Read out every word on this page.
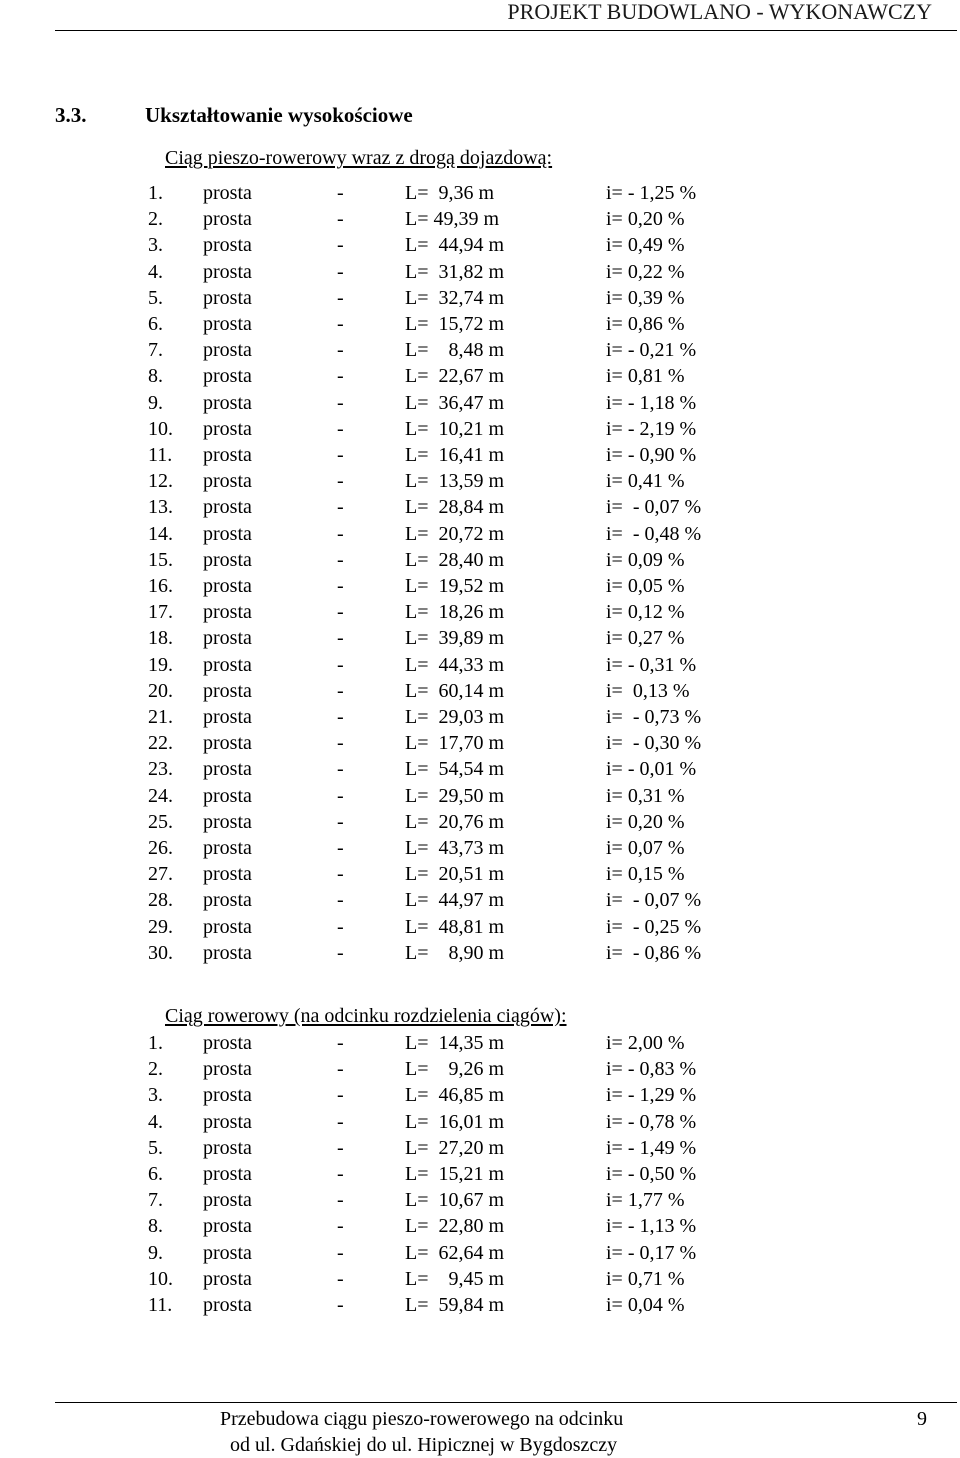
PROJEKT BUDOWLANO - WYKONAWCZY
3.3.	Ukształtowanie wysokościowe
Ciąg pieszo-rowerowy wraz z drogą dojazdową:
1. prosta	-	L=  9,36 m	i= - 1,25 %
2. prosta	-	L= 49,39 m	i= 0,20 %
3. prosta	-	L=  44,94 m	i= 0,49 %
4. prosta	-	L=  31,82 m	i= 0,22 %
5. prosta	-	L=  32,74 m	i= 0,39 %
6. prosta	-	L=  15,72 m	i= 0,86 %
7. prosta	-	L=    8,48 m	i= - 0,21 %
8. prosta	-	L=  22,67 m	i= 0,81 %
9. prosta	-	L=  36,47 m	i= - 1,18 %
10. prosta	-	L=  10,21 m	i= - 2,19 %
11. prosta	-	L=  16,41 m	i= - 0,90 %
12. prosta	-	L=  13,59 m	i= 0,41 %
13. prosta	-	L=  28,84 m	i=  - 0,07 %
14. prosta	-	L=  20,72 m	i=  - 0,48 %
15. prosta	-	L=  28,40 m	i= 0,09 %
16. prosta	-	L=  19,52 m	i= 0,05 %
17. prosta	-	L=  18,26 m	i= 0,12 %
18. prosta	-	L=  39,89 m	i= 0,27 %
19. prosta	-	L=  44,33 m	i= - 0,31 %
20. prosta	-	L=  60,14 m	i=  0,13 %
21. prosta	-	L=  29,03 m	i=  - 0,73 %
22. prosta	-	L=  17,70 m	i=  - 0,30 %
23. prosta	-	L=  54,54 m	i= - 0,01 %
24. prosta	-	L=  29,50 m	i= 0,31 %
25. prosta	-	L=  20,76 m	i= 0,20 %
26. prosta	-	L=  43,73 m	i= 0,07 %
27. prosta	-	L=  20,51 m	i= 0,15 %
28. prosta	-	L=  44,97 m	i=  - 0,07 %
29. prosta	-	L=  48,81 m	i=  - 0,25 %
30. prosta	-	L=    8,90 m	i=  - 0,86 %
Ciąg rowerowy (na odcinku rozdzielenia ciągów):
1. prosta	-	L=  14,35 m	i= 2,00 %
2. prosta	-	L=    9,26 m	i= - 0,83 %
3. prosta	-	L=  46,85 m	i= - 1,29 %
4. prosta	-	L=  16,01 m	i= - 0,78 %
5. prosta	-	L=  27,20 m	i= - 1,49 %
6. prosta	-	L=  15,21 m	i= - 0,50 %
7. prosta	-	L=  10,67 m	i= 1,77 %
8. prosta	-	L=  22,80 m	i= - 1,13 %
9. prosta	-	L=  62,64 m	i= - 0,17 %
10. prosta	-	L=    9,45 m	i= 0,71 %
11. prosta	-	L=  59,84 m	i= 0,04 %
Przebudowa ciągu pieszo-rowerowego na odcinku
od ul. Gdańskiej do ul. Hipicznej w Bygdoszczy
9
